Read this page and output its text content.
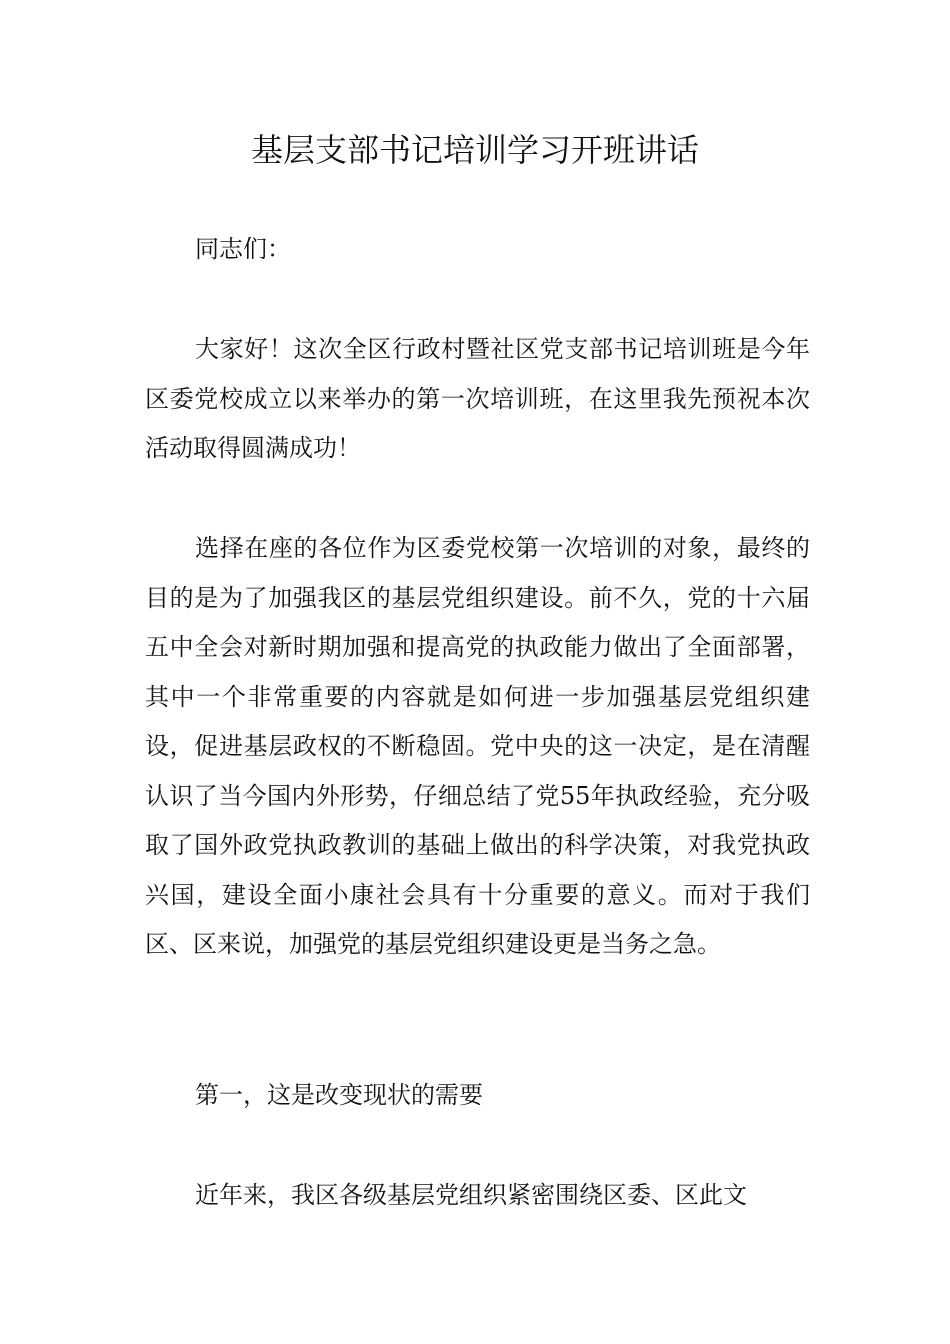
基层支部书记培训学习开班讲话

同志们：

大家好！这次全区行政村暨社区党支部书记培训班是今年区委党校成立以来举办的第一次培训班，在这里我先预祝本次活动取得圆满成功！

选择在座的各位作为区委党校第一次培训的对象，最终的目的是为了加强我区的基层党组织建设。前不久，党的十六届五中全会对新时期加强和提高党的执政能力做出了全面部署，其中一个非常重要的内容就是如何进一步加强基层党组织建设，促进基层政权的不断稳固。党中央的这一决定，是在清醒认识了当今国内外形势，仔细总结了党55年执政经验，充分吸取了国外政党执政教训的基础上做出的科学决策，对我党执政兴国，建设全面小康社会具有十分重要的意义。而对于我们区、区来说，加强党的基层党组织建设更是当务之急。

第一，这是改变现状的需要

近年来，我区各级基层党组织紧密围绕区委、区此文
